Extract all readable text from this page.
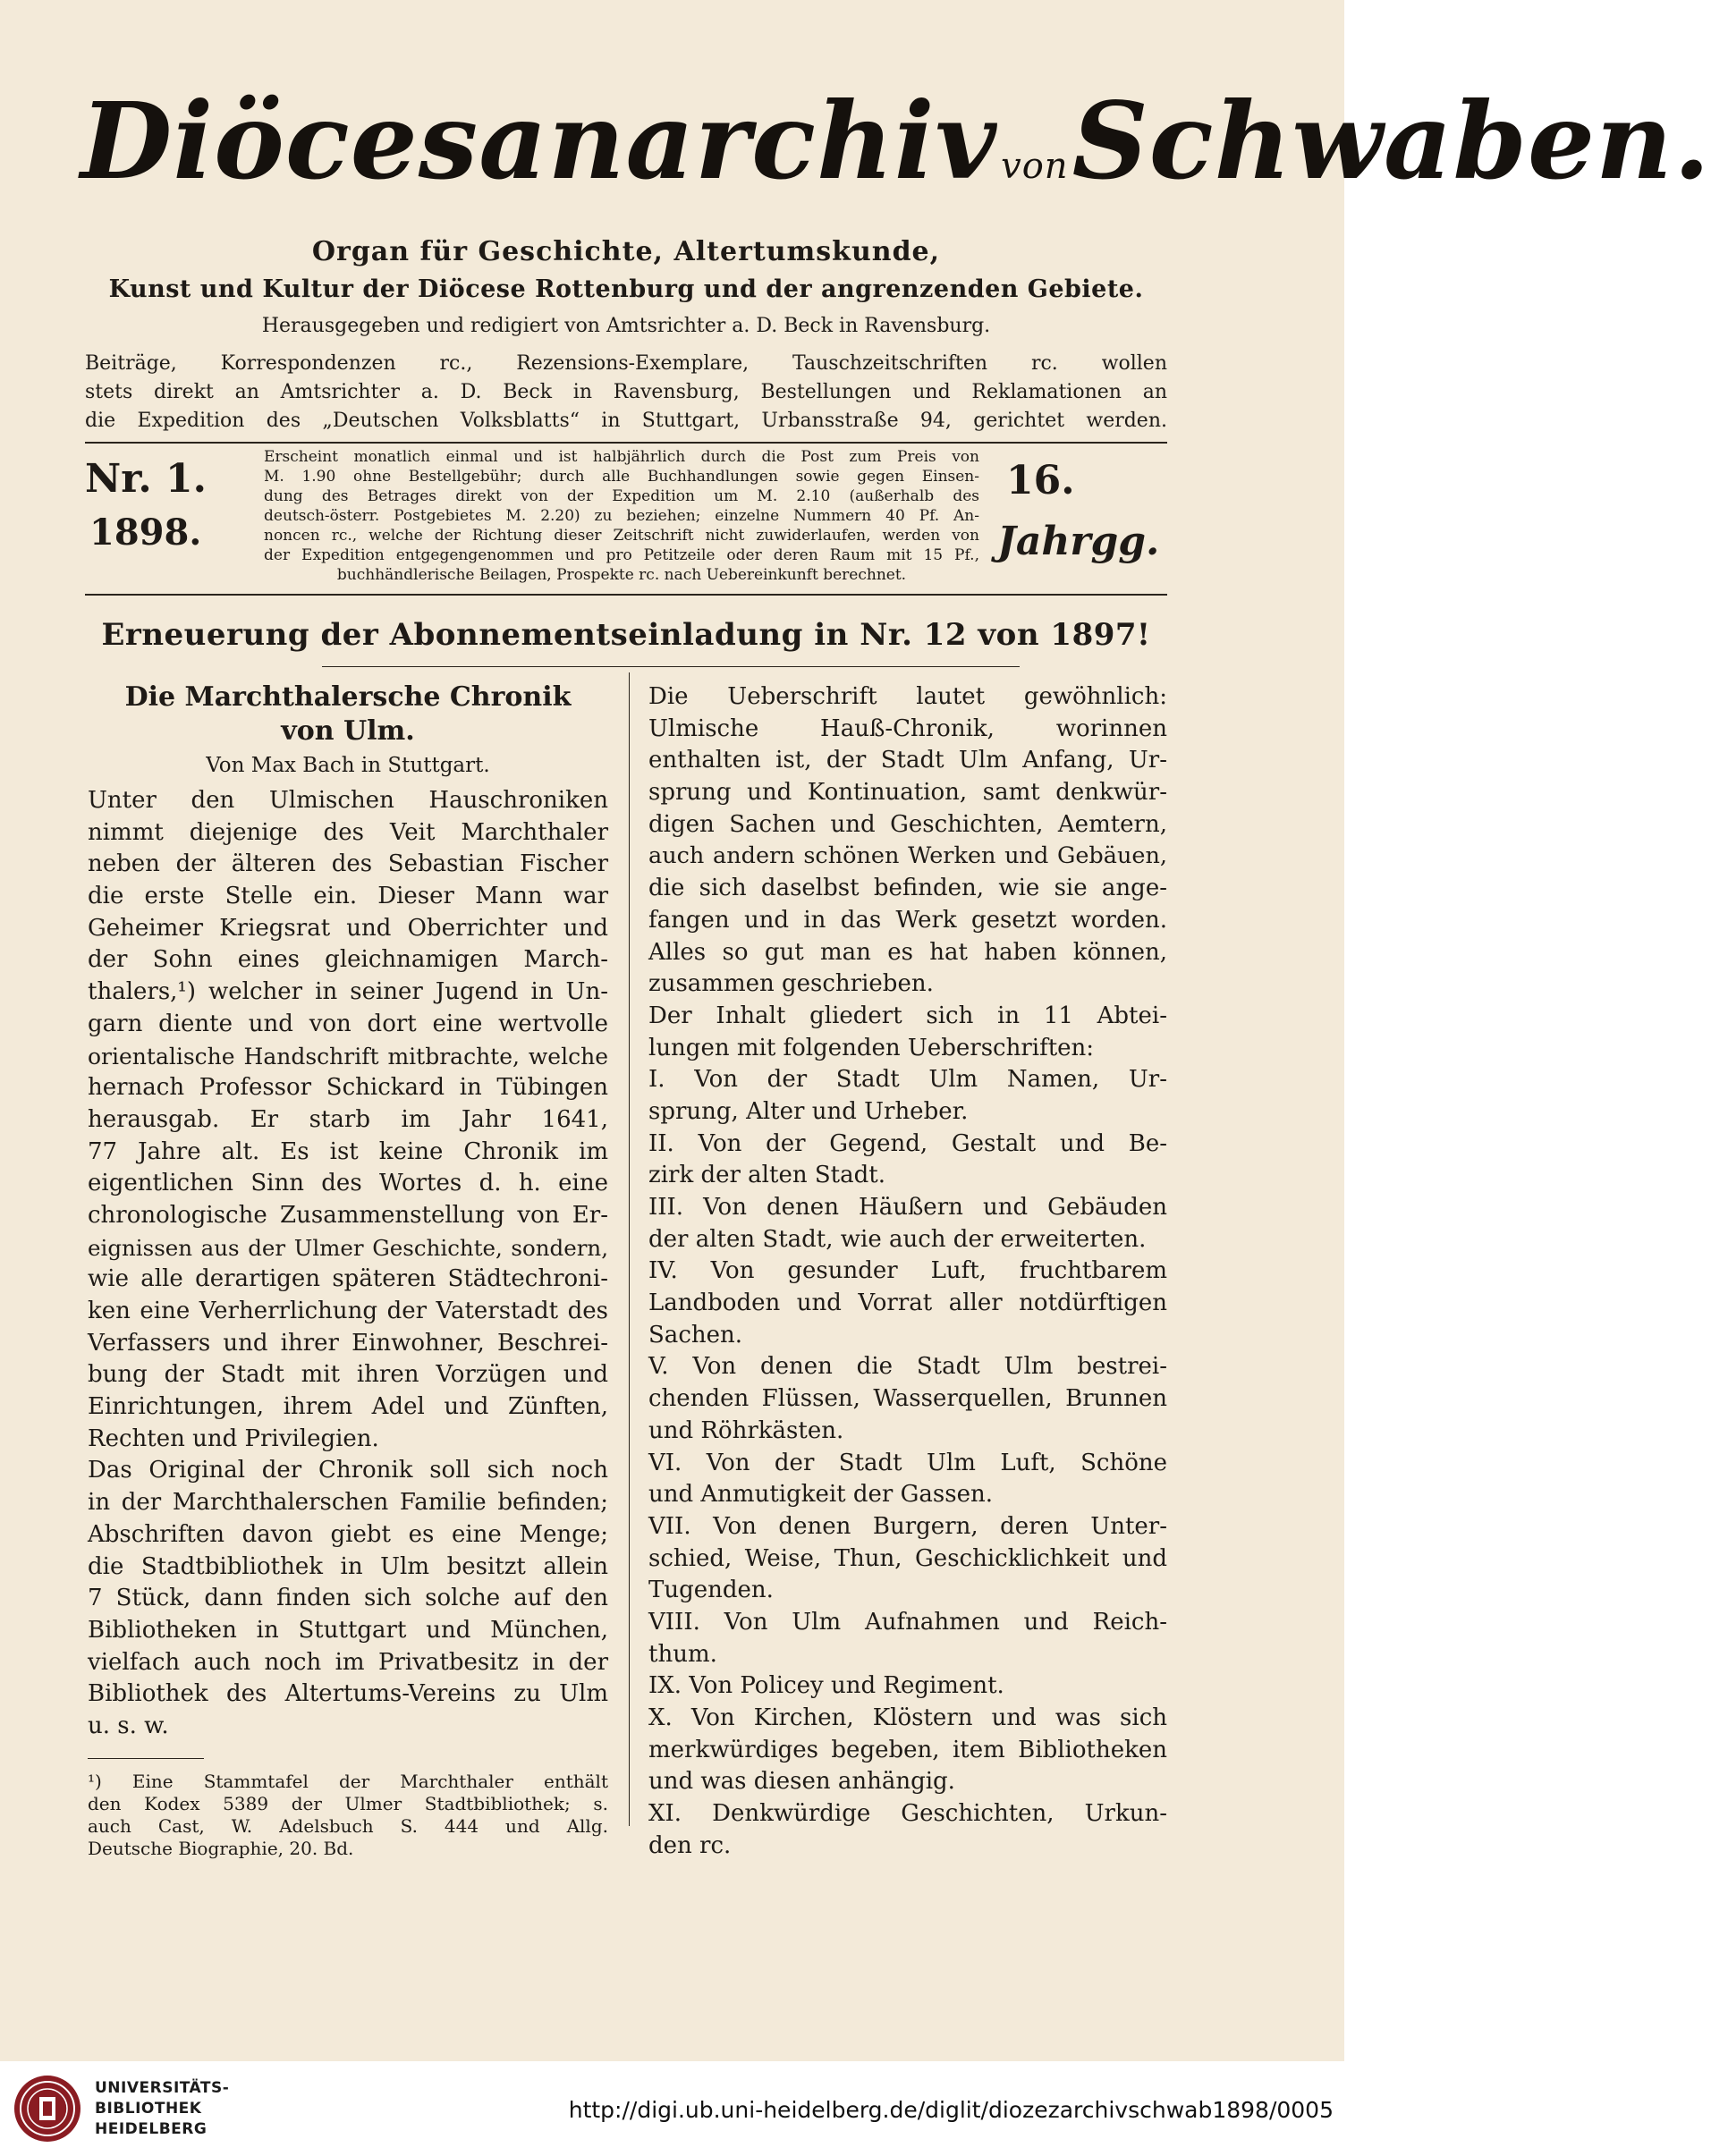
Diöcesanarchiv vonSchwaben.
Organ für Geschichte, Altertumskunde,
Kunst und Kultur der Diöcese Rottenburg und der angrenzenden Gebiete.
Herausgegeben und redigiert von Amtsrichter a. D. Beck in Ravensburg.
Beiträge, Korrespondenzen rc., Rezensions-Exemplare, Tauschzeitschriften rc. wollen
stets direkt an Amtsrichter a. D. Beck in Ravensburg, Bestellungen und Reklamationen an
die Expedition des „Deutschen Volksblatts“ in Stuttgart, Urbansstraße 94, gerichtet werden.
Nr. 1.
1898.
16.
Jahrgg.
Erscheint monatlich einmal und ist halbjährlich durch die Post zum Preis von
M. 1.90 ohne Bestellgebühr; durch alle Buchhandlungen sowie gegen Einsen-
dung des Betrages direkt von der Expedition um M. 2.10 (außerhalb des
deutsch-österr. Postgebietes M. 2.20) zu beziehen; einzelne Nummern 40 Pf. An-
noncen rc., welche der Richtung dieser Zeitschrift nicht zuwiderlaufen, werden von
der Expedition entgegengenommen und pro Petitzeile oder deren Raum mit 15 Pf.,
buchhändlerische Beilagen, Prospekte rc. nach Uebereinkunft berechnet.
Erneuerung der Abonnementseinladung in Nr. 12 von 1897!
Die Marchthalersche Chronik
von Ulm.
Von Max Bach in Stuttgart.
Unter den Ulmischen Hauschroniken
nimmt diejenige des Veit Marchthaler
neben der älteren des Sebastian Fischer
die erste Stelle ein. Dieser Mann war
Geheimer Kriegsrat und Oberrichter und
der Sohn eines gleichnamigen March-
thalers,¹) welcher in seiner Jugend in Un-
garn diente und von dort eine wertvolle
orientalische Handschrift mitbrachte, welche
hernach Professor Schickard in Tübingen
herausgab. Er starb im Jahr 1641,
77 Jahre alt. Es ist keine Chronik im
eigentlichen Sinn des Wortes d. h. eine
chronologische Zusammenstellung von Er-
eignissen aus der Ulmer Geschichte, sondern,
wie alle derartigen späteren Städtechroni-
ken eine Verherrlichung der Vaterstadt des
Verfassers und ihrer Einwohner, Beschrei-
bung der Stadt mit ihren Vorzügen und
Einrichtungen, ihrem Adel und Zünften,
Rechten und Privilegien.
Das Original der Chronik soll sich noch
in der Marchthalerschen Familie befinden;
Abschriften davon giebt es eine Menge;
die Stadtbibliothek in Ulm besitzt allein
7 Stück, dann finden sich solche auf den
Bibliotheken in Stuttgart und München,
vielfach auch noch im Privatbesitz in der
Bibliothek des Altertums-Vereins zu Ulm
u. s. w.
¹) Eine Stammtafel der Marchthaler enthält
den Kodex 5389 der Ulmer Stadtbibliothek; s.
auch Cast, W. Adelsbuch S. 444 und Allg.
Deutsche Biographie, 20. Bd.
Die Ueberschrift lautet gewöhnlich:
Ulmische Hauß-Chronik, worinnen
enthalten ist, der Stadt Ulm Anfang, Ur-
sprung und Kontinuation, samt denkwür-
digen Sachen und Geschichten, Aemtern,
auch andern schönen Werken und Gebäuen,
die sich daselbst befinden, wie sie ange-
fangen und in das Werk gesetzt worden.
Alles so gut man es hat haben können,
zusammen geschrieben.
Der Inhalt gliedert sich in 11 Abtei-
lungen mit folgenden Ueberschriften:
I. Von der Stadt Ulm Namen, Ur-
sprung, Alter und Urheber.
II. Von der Gegend, Gestalt und Be-
zirk der alten Stadt.
III. Von denen Häußern und Gebäuden
der alten Stadt, wie auch der erweiterten.
IV. Von gesunder Luft, fruchtbarem
Landboden und Vorrat aller notdürftigen
Sachen.
V. Von denen die Stadt Ulm bestrei-
chenden Flüssen, Wasserquellen, Brunnen
und Röhrkästen.
VI. Von der Stadt Ulm Luft, Schöne
und Anmutigkeit der Gassen.
VII. Von denen Burgern, deren Unter-
schied, Weise, Thun, Geschicklichkeit und
Tugenden.
VIII. Von Ulm Aufnahmen und Reich-
thum.
IX. Von Policey und Regiment.
X. Von Kirchen, Klöstern und was sich
merkwürdiges begeben, item Bibliotheken
und was diesen anhängig.
XI. Denkwürdige Geschichten, Urkun-
den rc.
UNIVERSITÄTS-
BIBLIOTHEK
HEIDELBERG
http://digi.ub.uni-heidelberg.de/diglit/diozezarchivschwab1898/0005
